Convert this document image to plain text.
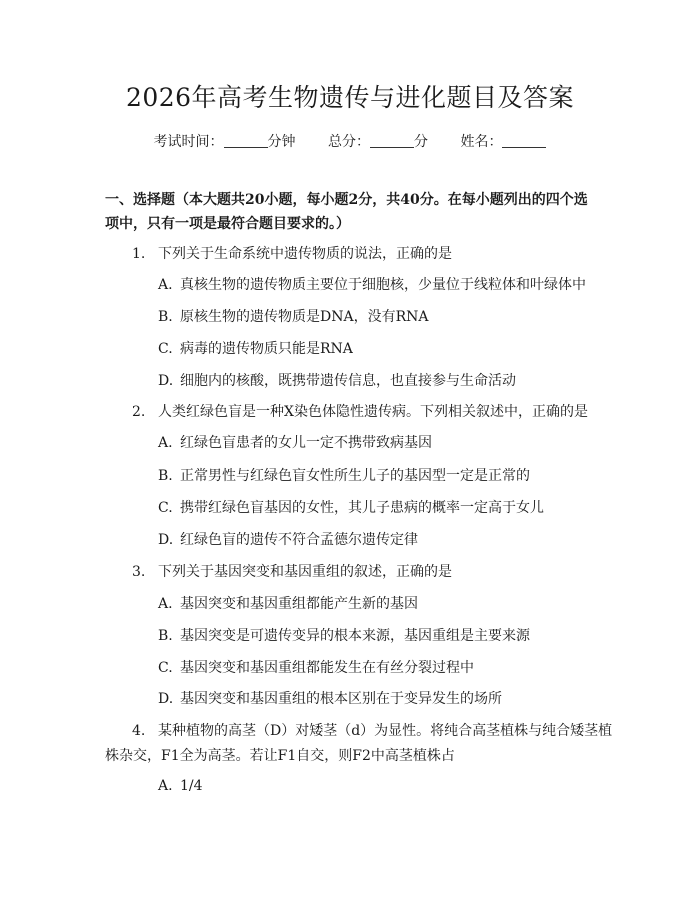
2026年高考生物遗传与进化题目及答案
考试时间：	分钟 总分：	分 姓名：
一、选择题（本大题共20小题，每小题2分，共40分。在每小题列出的四个选项中，只有一项是最符合题目要求的。）
1. 下列关于生命系统中遗传物质的说法，正确的是
A. 真核生物的遗传物质主要位于细胞核，少量位于线粒体和叶绿体中
B. 原核生物的遗传物质是DNA，没有RNA
C. 病毒的遗传物质只能是RNA
D. 细胞内的核酸，既携带遗传信息，也直接参与生命活动
2. 人类红绿色盲是一种X染色体隐性遗传病。下列相关叙述中，正确的是
A. 红绿色盲患者的女儿一定不携带致病基因
B. 正常男性与红绿色盲女性所生儿子的基因型一定是正常的
C. 携带红绿色盲基因的女性，其儿子患病的概率一定高于女儿
D. 红绿色盲的遗传不符合孟德尔遗传定律
3. 下列关于基因突变和基因重组的叙述，正确的是
A. 基因突变和基因重组都能产生新的基因
B. 基因突变是可遗传变异的根本来源，基因重组是主要来源
C. 基因突变和基因重组都能发生在有丝分裂过程中
D. 基因突变和基因重组的根本区别在于变异发生的场所
4. 某种植物的高茎（D）对矮茎（d）为显性。将纯合高茎植株与纯合矮茎植
株杂交，F1全为高茎。若让F1自交，则F2中高茎植株占
A. 1/4
